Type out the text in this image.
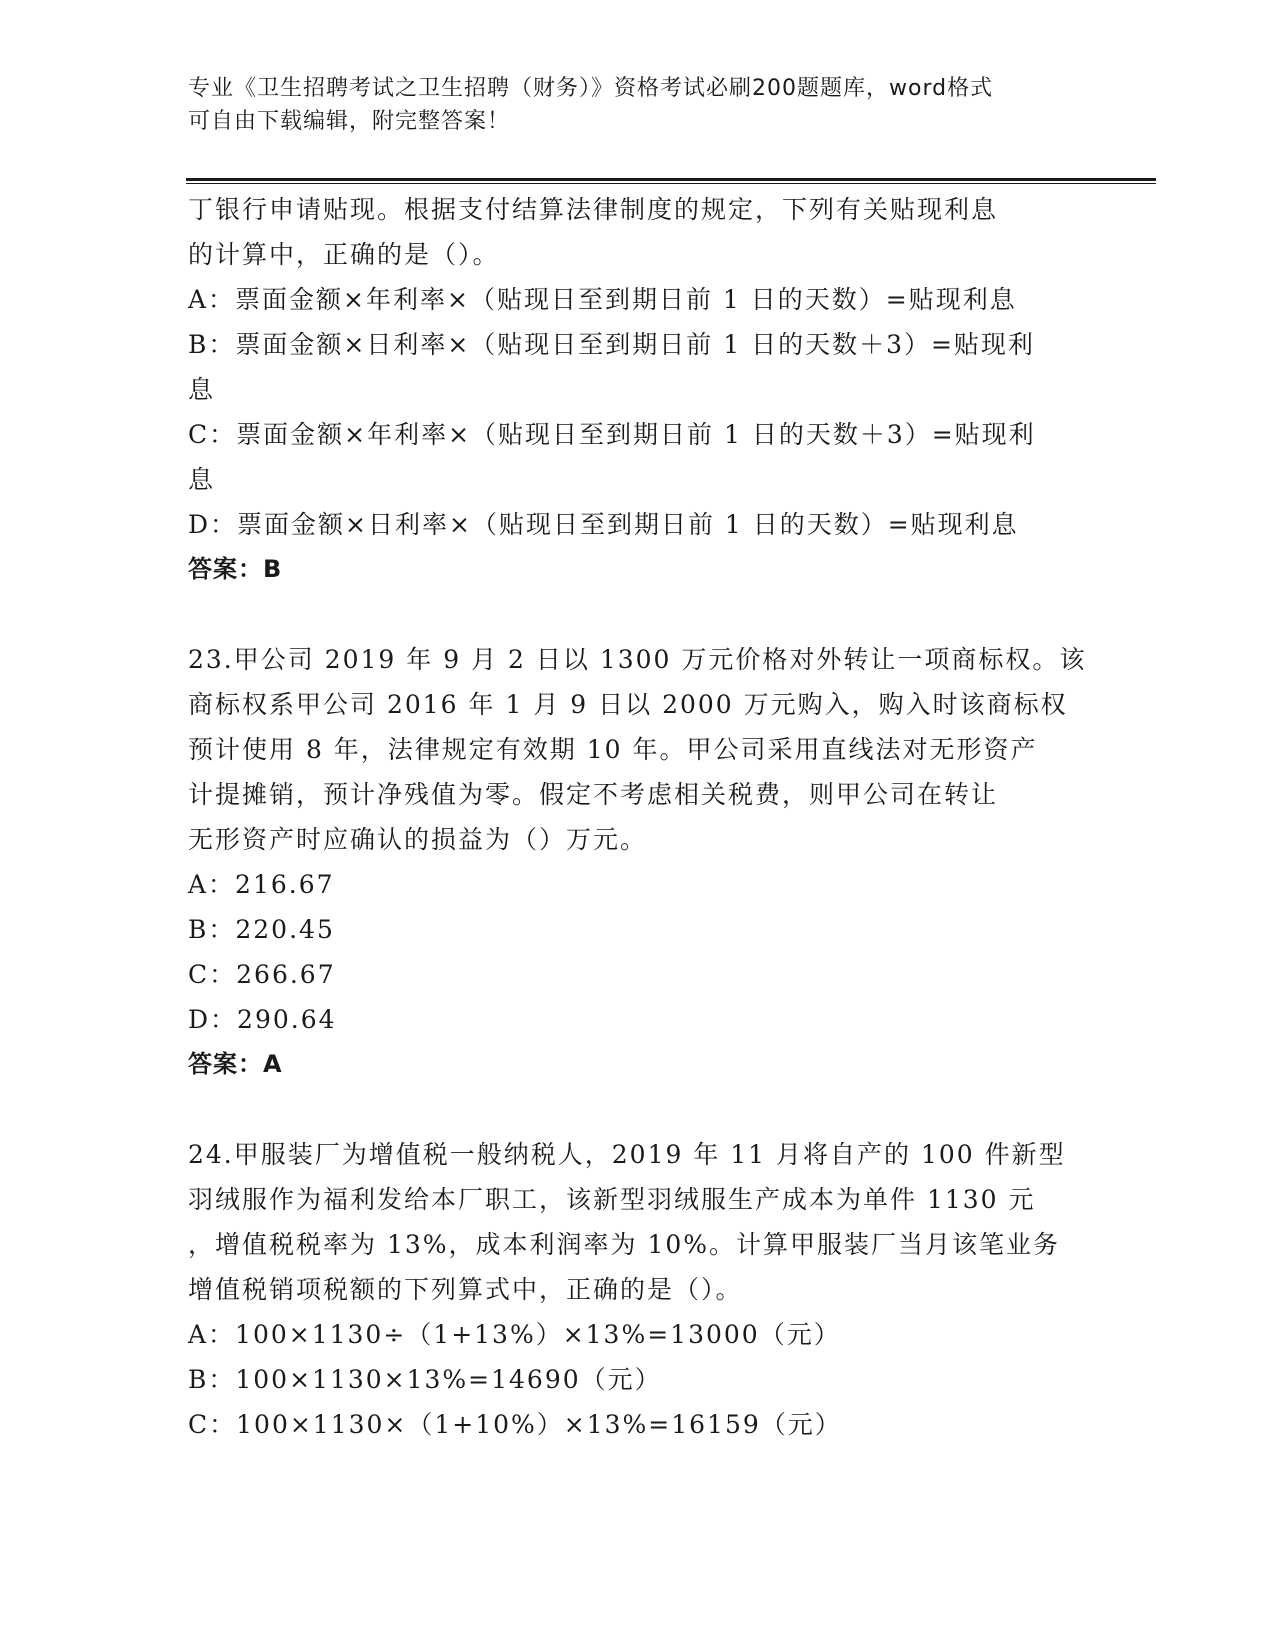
专业《卫生招聘考试之卫生招聘（财务）》资格考试必刷200题题库，word格式
可自由下载编辑，附完整答案！
丁银行申请贴现。根据支付结算法律制度的规定，下列有关贴现利息
的计算中，正确的是（）。
A：票面金额×年利率×（贴现日至到期日前 1 日的天数）=贴现利息
B：票面金额×日利率×（贴现日至到期日前 1 日的天数＋3）=贴现利
息
C：票面金额×年利率×（贴现日至到期日前 1 日的天数＋3）=贴现利
息
D：票面金额×日利率×（贴现日至到期日前 1 日的天数）=贴现利息
答案：B
23.甲公司 2019 年 9 月 2 日以 1300 万元价格对外转让一项商标权。该
商标权系甲公司 2016 年 1 月 9 日以 2000 万元购入，购入时该商标权
预计使用 8 年，法律规定有效期 10 年。甲公司采用直线法对无形资产
计提摊销，预计净残值为零。假定不考虑相关税费，则甲公司在转让
无形资产时应确认的损益为（）万元。
A：216.67
B：220.45
C：266.67
D：290.64
答案：A
24.甲服装厂为增值税一般纳税人，2019 年 11 月将自产的 100 件新型
羽绒服作为福利发给本厂职工，该新型羽绒服生产成本为单件 1130 元
，增值税税率为 13%，成本利润率为 10%。计算甲服装厂当月该笔业务
增值税销项税额的下列算式中，正确的是（）。
A：100×1130÷（1+13%）×13%=13000（元）
B：100×1130×13%=14690（元）
C：100×1130×（1+10%）×13%=16159（元）
